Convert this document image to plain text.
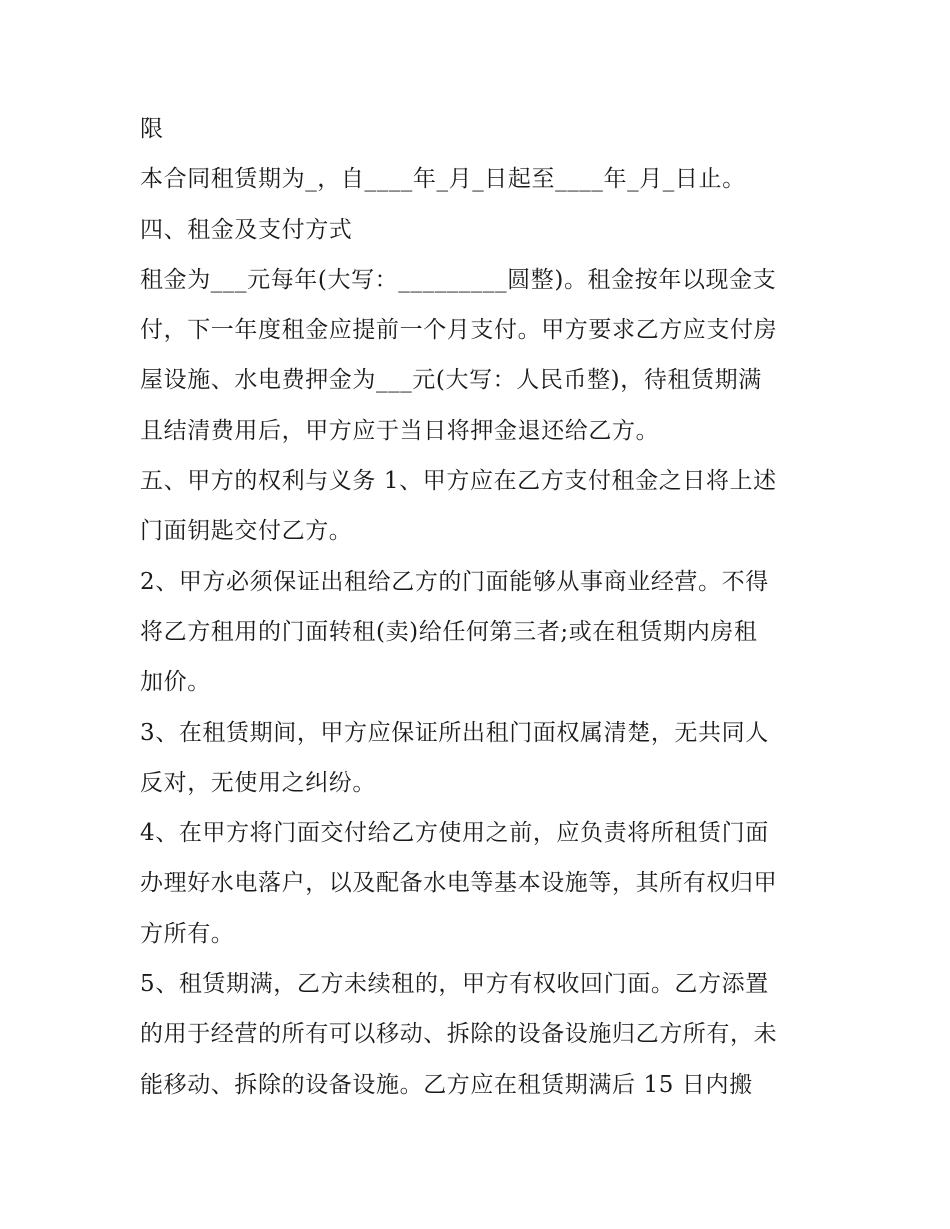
限
本合同租赁期为_，自____年_月_日起至____年_月_日止。
四、租金及支付方式
租金为___元每年(大写：_________圆整)。租金按年以现金支
付，下一年度租金应提前一个月支付。甲方要求乙方应支付房
屋设施、水电费押金为___元(大写：人民币整)，待租赁期满
且结清费用后，甲方应于当日将押金退还给乙方。
五、甲方的权利与义务 1、甲方应在乙方支付租金之日将上述
门面钥匙交付乙方。
2、甲方必须保证出租给乙方的门面能够从事商业经营。不得
将乙方租用的门面转租(卖)给任何第三者;或在租赁期内房租
加价。
3、在租赁期间，甲方应保证所出租门面权属清楚，无共同人
反对，无使用之纠纷。
4、在甲方将门面交付给乙方使用之前，应负责将所租赁门面
办理好水电落户，以及配备水电等基本设施等，其所有权归甲
方所有。
5、租赁期满，乙方未续租的，甲方有权收回门面。乙方添置
的用于经营的所有可以移动、拆除的设备设施归乙方所有，未
能移动、拆除的设备设施。乙方应在租赁期满后 15 日内搬
